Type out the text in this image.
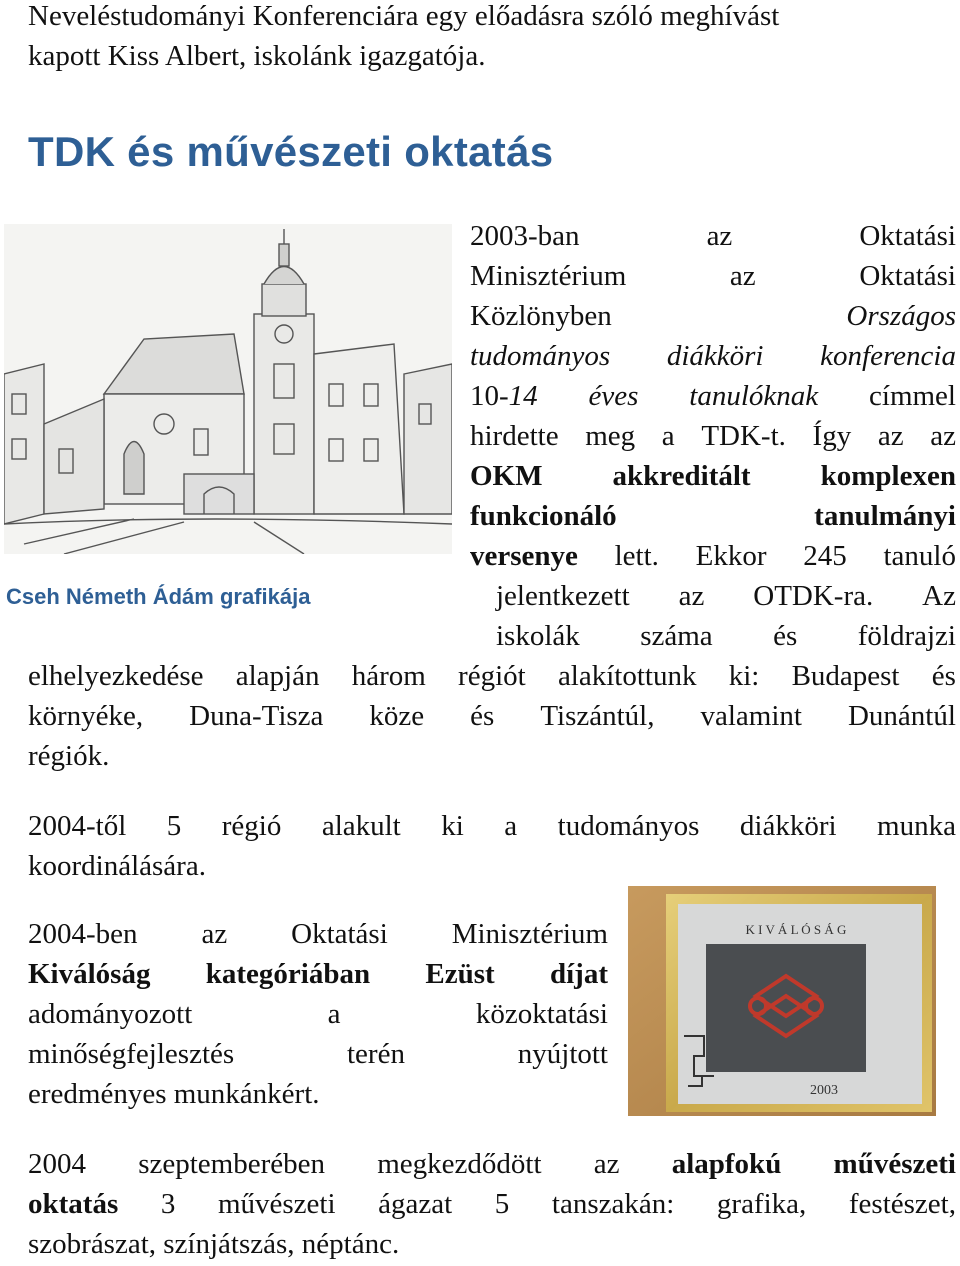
Neveléstudományi Konferenciára egy előadásra szóló meghívást
kapott Kiss Albert, iskolánk igazgatója.
TDK és művészeti oktatás
Cseh Németh Ádám grafikája
2003-ban	az	Oktatási
Minisztérium	az	Oktatási
Közlönyben	Országos
tudományos diákköri konferencia
10-14 éves tanulóknak címmel
hirdette meg a TDK-t. Így az az
OKM akkreditált komplexen
funkcionáló	tanulmányi
versenye lett. Ekkor 245 tanuló
jelentkezett az OTDK-ra. Az
iskolák száma és földrajzi
elhelyezkedése alapján három régiót alakítottunk ki: Budapest és
környéke, Duna-Tisza köze és Tiszántúl, valamint Dunántúl
régiók.
2004-től 5 régió alakult ki a tudományos diákköri munka
koordinálására.
2004-ben az Oktatási Minisztérium
Kiválóság kategóriában Ezüst díjat
adományozott	a	közoktatási
minőségfejlesztés	terén	nyújtott
eredményes munkánkért.
K I V Á L Ó S Á G
2003
2004 szeptemberében megkezdődött az alapfokú művészeti
oktatás 3 művészeti ágazat 5 tanszakán: grafika, festészet,
szobrászat, színjátszás, néptánc.
